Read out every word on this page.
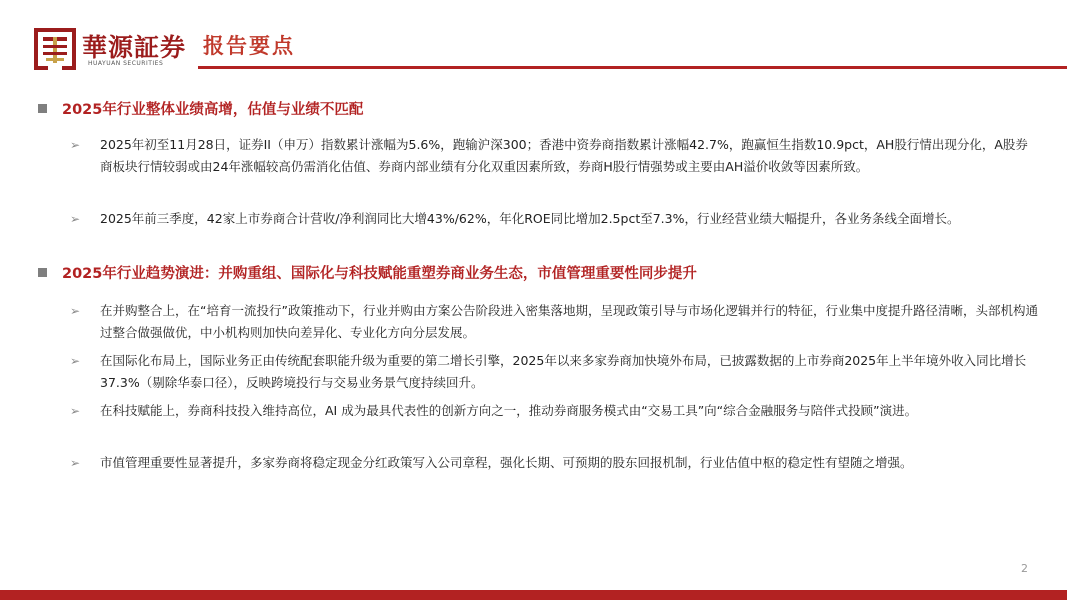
華源証券
HUAYUAN SECURITIES
报告要点
2025年行业整体业绩高增，估值与业绩不匹配
➢ 2025年初至11月28日，证券II（申万）指数累计涨幅为5.6%，跑输沪深300；香港中资券商指数累计涨幅42.7%，跑赢恒生指数10.9pct，AH股行情出现分化，A股券商板块行情较弱或由24年涨幅较高仍需消化估值、券商内部业绩有分化双重因素所致，券商H股行情强势或主要由AH溢价收敛等因素所致。
➢ 2025年前三季度，42家上市券商合计营收/净利润同比大增43%/62%，年化ROE同比增加2.5pct至7.3%，行业经营业绩大幅提升，各业务条线全面增长。
2025年行业趋势演进：并购重组、国际化与科技赋能重塑券商业务生态，市值管理重要性同步提升
➢ 在并购整合上，在“培育一流投行”政策推动下，行业并购由方案公告阶段进入密集落地期，呈现政策引导与市场化逻辑并行的特征，行业集中度提升路径清晰，头部机构通过整合做强做优，中小机构则加快向差异化、专业化方向分层发展。
➢ 在国际化布局上，国际业务正由传统配套职能升级为重要的第二增长引擎，2025年以来多家券商加快境外布局，已披露数据的上市券商2025年上半年境外收入同比增长37.3%（剔除华泰口径），反映跨境投行与交易业务景气度持续回升。
➢ 在科技赋能上，券商科技投入维持高位，AI 成为最具代表性的创新方向之一，推动券商服务模式由“交易工具”向“综合金融服务与陪伴式投顾”演进。
➢ 市值管理重要性显著提升，多家券商将稳定现金分红政策写入公司章程，强化长期、可预期的股东回报机制，行业估值中枢的稳定性有望随之增强。
2
